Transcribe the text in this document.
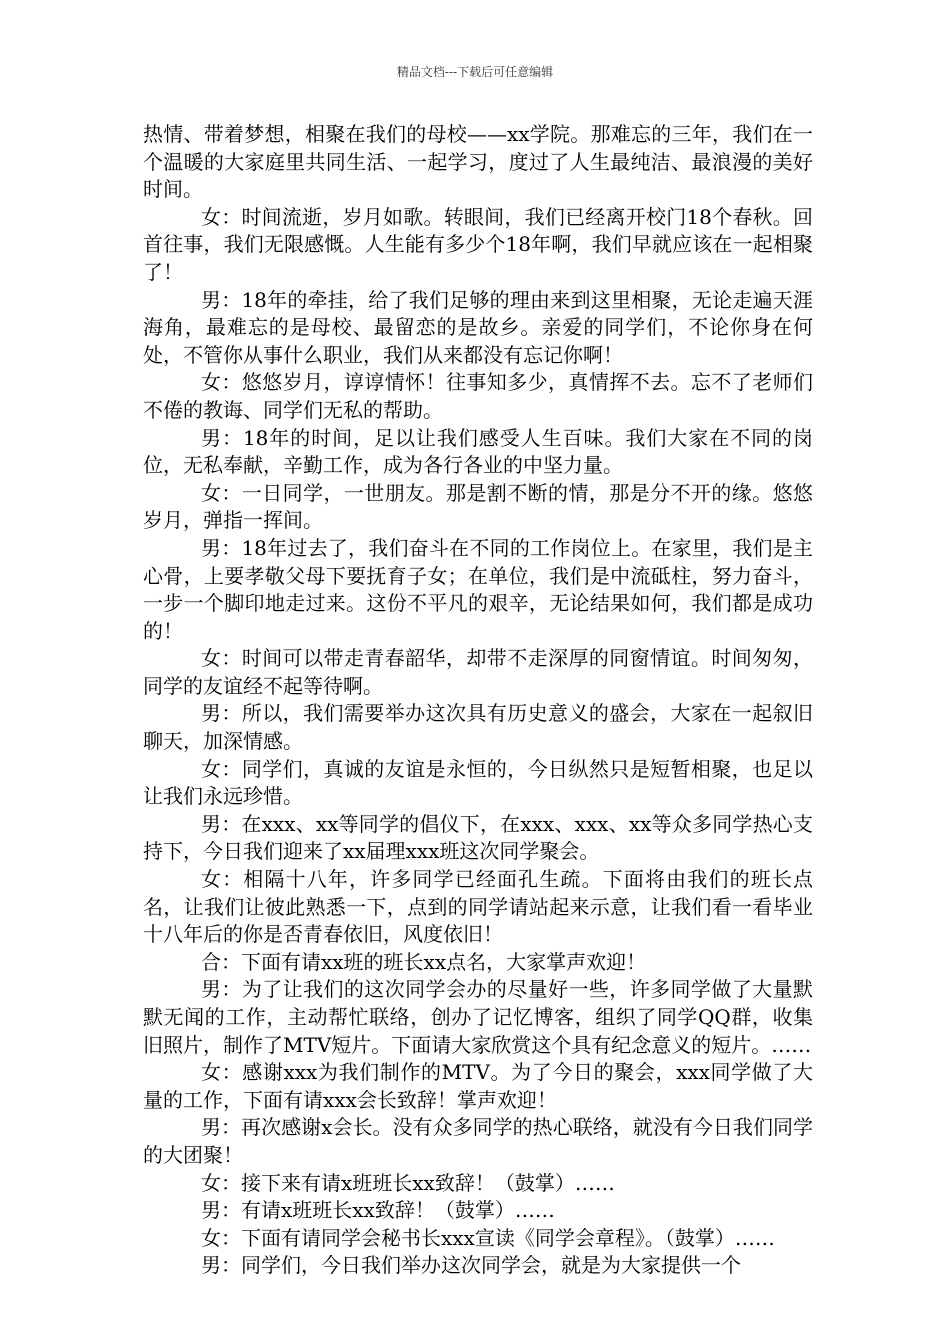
精品文档---下载后可任意编辑

热情、带着梦想，相聚在我们的母校——xx学院。那难忘的三年，我们在一个温暖的大家庭里共同生活、一起学习，度过了人生最纯洁、最浪漫的美好时间。

女：时间流逝，岁月如歌。转眼间，我们已经离开校门18个春秋。回首往事，我们无限感慨。人生能有多少个18年啊，我们早就应该在一起相聚了！

男：18年的牵挂，给了我们足够的理由来到这里相聚，无论走遍天涯海角，最难忘的是母校、最留恋的是故乡。亲爱的同学们，不论你身在何处，不管你从事什么职业，我们从来都没有忘记你啊！

女：悠悠岁月，谆谆情怀！往事知多少，真情挥不去。忘不了老师们不倦的教诲、同学们无私的帮助。

男：18年的时间，足以让我们感受人生百味。我们大家在不同的岗位，无私奉献，辛勤工作，成为各行各业的中坚力量。

女：一日同学，一世朋友。那是割不断的情，那是分不开的缘。悠悠岁月，弹指一挥间。

男：18年过去了，我们奋斗在不同的工作岗位上。在家里，我们是主心骨，上要孝敬父母下要抚育子女；在单位，我们是中流砥柱，努力奋斗，一步一个脚印地走过来。这份不平凡的艰辛，无论结果如何，我们都是成功的！

女：时间可以带走青春韶华，却带不走深厚的同窗情谊。时间匆匆，同学的友谊经不起等待啊。

男：所以，我们需要举办这次具有历史意义的盛会，大家在一起叙旧聊天，加深情感。

女：同学们，真诚的友谊是永恒的，今日纵然只是短暂相聚，也足以让我们永远珍惜。

男：在xxx、xx等同学的倡仪下，在xxx、xxx、xx等众多同学热心支持下，今日我们迎来了xx届理xxx班这次同学聚会。

女：相隔十八年，许多同学已经面孔生疏。下面将由我们的班长点名，让我们让彼此熟悉一下，点到的同学请站起来示意，让我们看一看毕业十八年后的你是否青春依旧，风度依旧！

合：下面有请xx班的班长xx点名，大家掌声欢迎！

男：为了让我们的这次同学会办的尽量好一些，许多同学做了大量默默无闻的工作，主动帮忙联络，创办了记忆博客，组织了同学QQ群，收集旧照片，制作了MTV短片。下面请大家欣赏这个具有纪念意义的短片。……

女：感谢xxx为我们制作的MTV。为了今日的聚会，xxx同学做了大量的工作，下面有请xxx会长致辞！掌声欢迎！

男：再次感谢x会长。没有众多同学的热心联络，就没有今日我们同学的大团聚！

女：接下来有请x班班长xx致辞！（鼓掌）……

男：有请x班班长xx致辞！（鼓掌）……

女：下面有请同学会秘书长xxx宣读《同学会章程》。（鼓掌）……

男：同学们，今日我们举办这次同学会，就是为大家提供一个
